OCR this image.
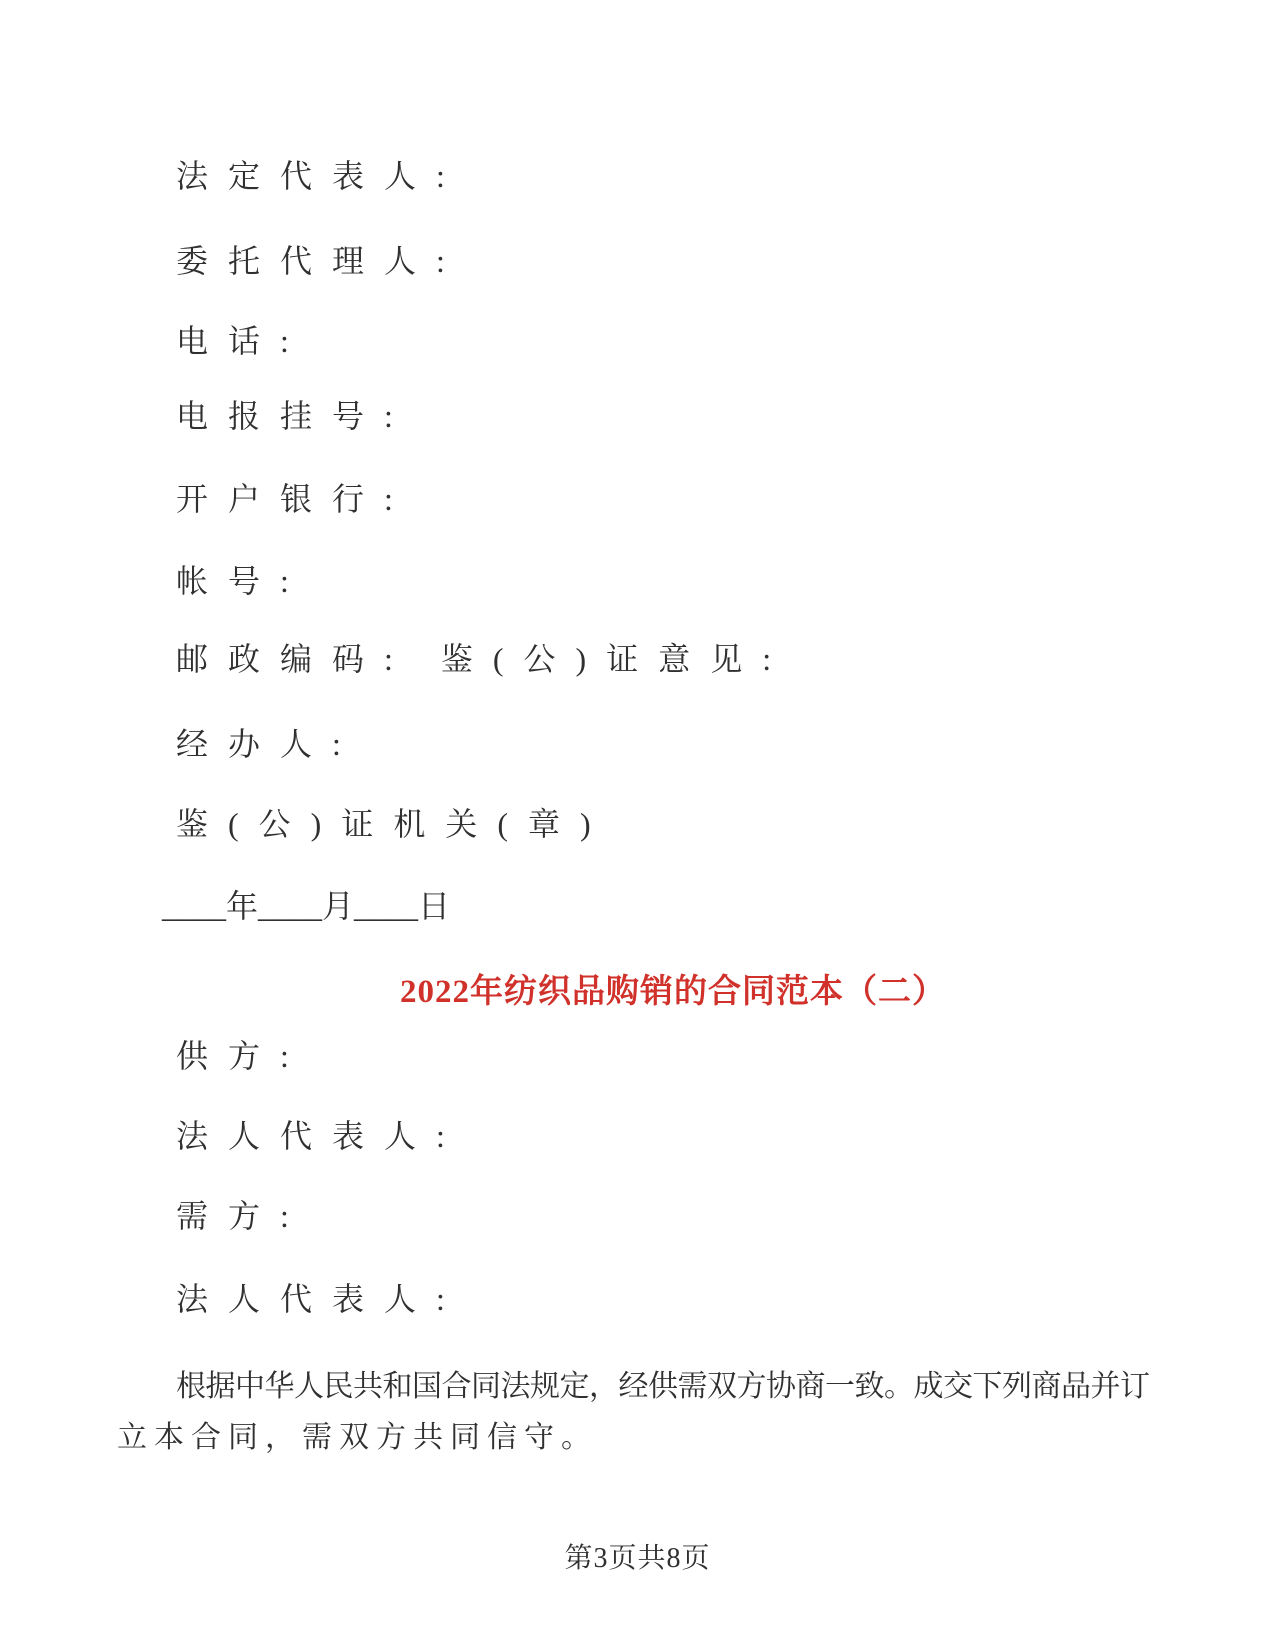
法定代表人:
委托代理人:
电话:
电报挂号:
开户银行:
帐号:
邮政编码: 鉴(公)证意见:
经办人:
鉴(公)证机关(章)
____年____月____日
2022年纺织品购销的合同范本（二）
供方:
法人代表人:
需方:
法人代表人:
根据中华人民共和国合同法规定，经供需双方协商一致。成交下列商品并订
立本合同，需双方共同信守。
第3页共8页
